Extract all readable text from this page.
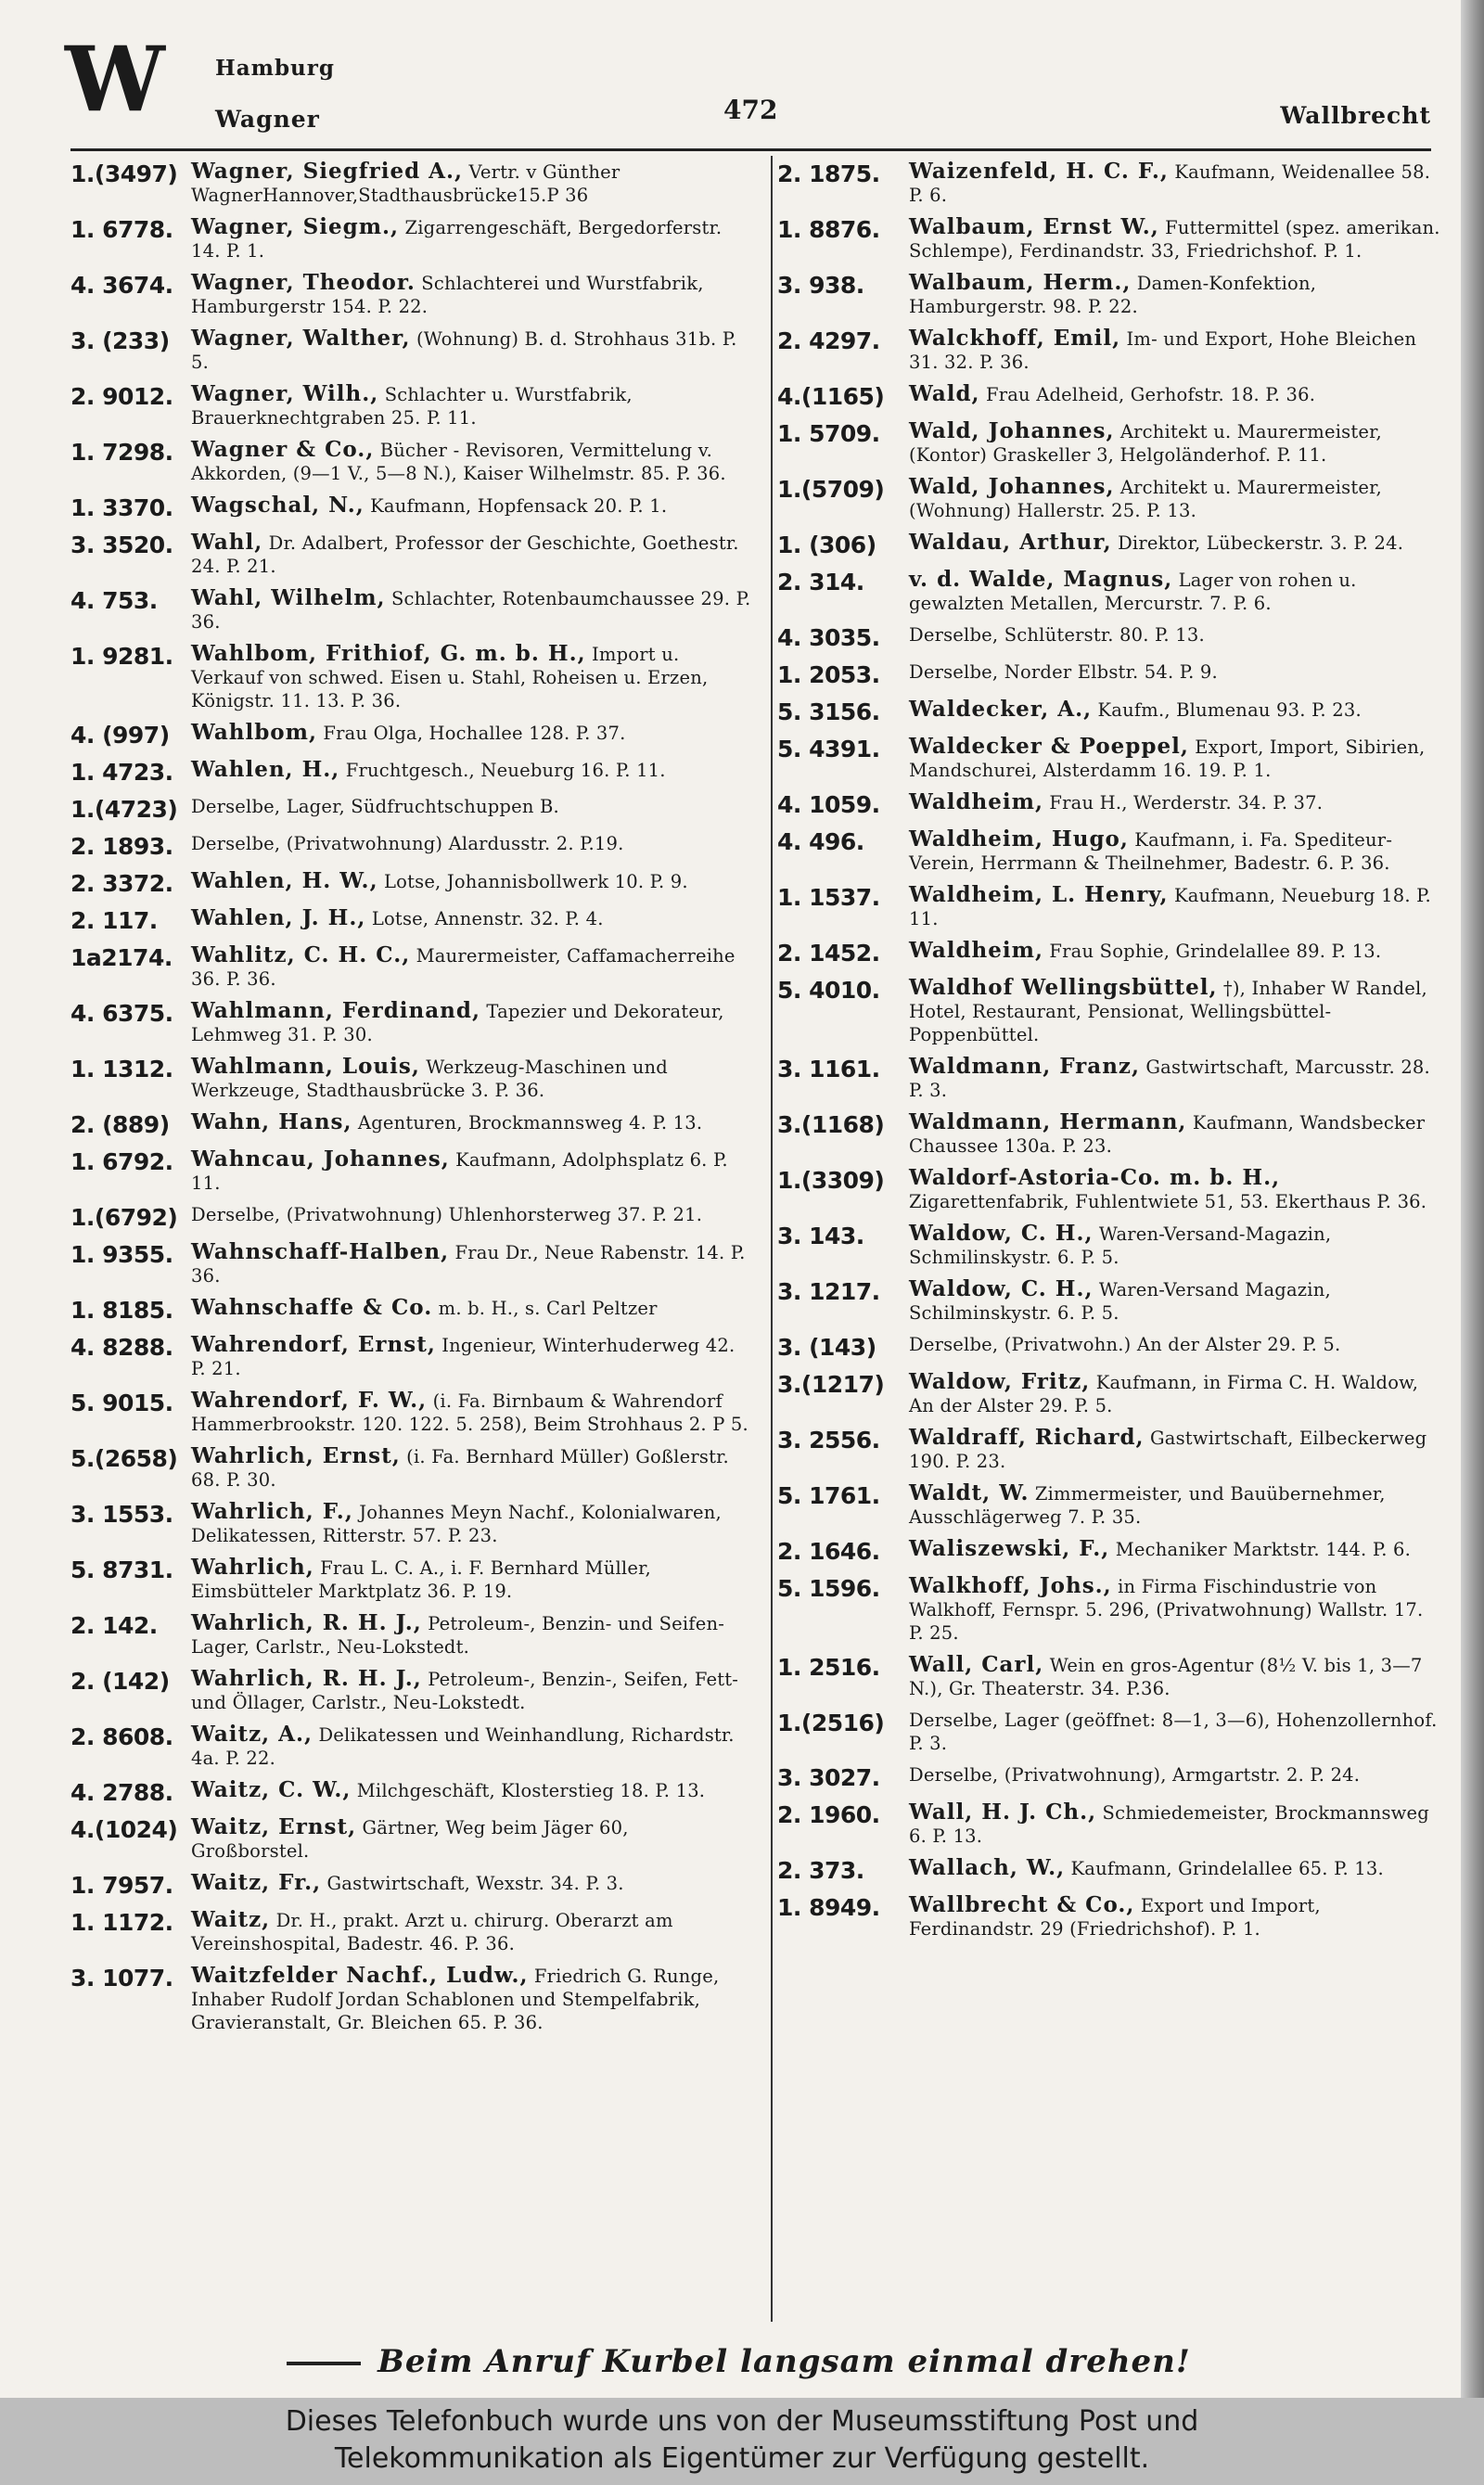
W Hamburg
Wagner	472	Wallbrecht
1.(3497) Wagner, Siegfried A., Vertr. v Günther WagnerHannover,Stadthausbrücke15.P 36
1. 6778. Wagner, Siegm., Zigarrengeschäft, Bergedorferstr. 14. P. 1.
4. 3674. Wagner, Theodor. Schlachterei und Wurstfabrik, Hamburgerstr 154. P. 22.
3. (233)	Wagner, Walther, (Wohnung) B. d. Strohhaus 31b. P. 5.
2. 9012. Wagner, Wilh., Schlachter u. Wurstfabrik, Brauerknechtgraben 25. P. 11.
1. 7298. Wagner & Co., Bücher - Revisoren, Vermittelung v. Akkorden, (9—1 V., 5—8 N.), Kaiser Wilhelmstr. 85. P. 36.
1. 3370. Wagschal, N., Kaufmann, Hopfensack 20. P. 1.
3. 3520. Wahl, Dr. Adalbert, Professor der Geschichte, Goethestr. 24. P. 21.
4. 753.	Wahl, Wilhelm, Schlachter, Rotenbaumchaussee 29. P. 36.
1. 9281. Wahlbom, Frithiof, G. m. b. H., Import u. Verkauf von schwed. Eisen u. Stahl, Roheisen u. Erzen, Königstr. 11. 13. P. 36.
4. (997)	Wahlbom, Frau Olga, Hochallee 128. P. 37.
1. 4723. Wahlen, H., Fruchtgesch., Neueburg 16. P. 11.
1.(4723) Derselbe, Lager, Südfruchtschuppen B.
2. 1893. Derselbe, (Privatwohnung) Alardusstr. 2. P.19.
2. 3372. Wahlen, H. W., Lotse, Johannisbollwerk 10. P. 9.
2. 117.	Wahlen, J. H., Lotse, Annenstr. 32. P. 4.
1a2174. Wahlitz, C. H. C., Maurermeister, Caffamacherreihe 36. P. 36.
4. 6375. Wahlmann, Ferdinand, Tapezier und Dekorateur, Lehmweg 31. P. 30.
1. 1312. Wahlmann, Louis, Werkzeug-Maschinen und Werkzeuge, Stadthausbrücke 3. P. 36.
2. (889)	Wahn, Hans, Agenturen, Brockmannsweg 4. P. 13.
1. 6792. Wahncau, Johannes, Kaufmann, Adolphsplatz 6. P. 11.
1.(6792) Derselbe, (Privatwohnung) Uhlenhorsterweg 37. P. 21.
1. 9355. Wahnschaff-Halben, Frau Dr., Neue Rabenstr. 14. P. 36.
1. 8185. Wahnschaffe & Co. m. b. H., s. Carl Peltzer
4. 8288. Wahrendorf, Ernst, Ingenieur, Winterhuderweg 42. P. 21.
5. 9015. Wahrendorf, F. W., (i. Fa. Birnbaum & Wahrendorf Hammerbrookstr. 120. 122. 5. 258), Beim Strohhaus 2. P 5.
5.(2658) Wahrlich, Ernst, (i. Fa. Bernhard Müller) Goßlerstr. 68. P. 30.
3. 1553. Wahrlich, F., Johannes Meyn Nachf., Kolonialwaren, Delikatessen, Ritterstr. 57. P. 23.
5. 8731. Wahrlich, Frau L. C. A., i. F. Bernhard Müller, Eimsbütteler Marktplatz 36. P. 19.
2. 142.	Wahrlich, R. H. J., Petroleum-, Benzin- und Seifen-Lager, Carlstr., Neu-Lokstedt.
2. (142)	Wahrlich, R. H. J., Petroleum-, Benzin-, Seifen, Fett- und Öllager, Carlstr., Neu-Lokstedt.
2. 8608. Waitz, A., Delikatessen und Weinhandlung, Richardstr. 4a. P. 22.
4. 2788. Waitz, C. W., Milchgeschäft, Klosterstieg 18. P. 13.
4.(1024) Waitz, Ernst, Gärtner, Weg beim Jäger 60, Großborstel.
1. 7957. Waitz, Fr., Gastwirtschaft, Wexstr. 34. P. 3.
1. 1172. Waitz, Dr. H., prakt. Arzt u. chirurg. Oberarzt am Vereinshospital, Badestr. 46. P. 36.
3. 1077. Waitzfelder Nachf., Ludw., Friedrich G. Runge, Inhaber Rudolf Jordan Schablonen und Stempelfabrik, Gravieranstalt, Gr. Bleichen 65. P. 36.
2. 1875.	Waizenfeld, H. C. F., Kaufmann, Weidenallee 58. P. 6.
1. 8876.	Walbaum, Ernst W., Futtermittel (spez. amerikan. Schlempe), Ferdinandstr. 33, Friedrichshof. P. 1.
3. 938.	Walbaum, Herm., Damen-Konfektion, Hamburgerstr. 98. P. 22.
2. 4297.	Walckhoff, Emil, Im- und Export, Hohe Bleichen 31. 32. P. 36.
4.(1165)	Wald, Frau Adelheid, Gerhofstr. 18. P. 36.
1. 5709.	Wald, Johannes, Architekt u. Maurermeister, (Kontor) Graskeller 3, Helgoländerhof. P. 11.
1.(5709)	Wald, Johannes, Architekt u. Maurermeister, (Wohnung) Hallerstr. 25. P. 13.
1. (306)	Waldau, Arthur, Direktor, Lübeckerstr. 3. P. 24.
2. 314.	v. d. Walde, Magnus, Lager von rohen u. gewalzten Metallen, Mercurstr. 7. P. 6.
4. 3035.	Derselbe, Schlüterstr. 80. P. 13.
1. 2053.	Derselbe, Norder Elbstr. 54. P. 9.
5. 3156.	Waldecker, A., Kaufm., Blumenau 93. P. 23.
5. 4391.	Waldecker & Poeppel, Export, Import, Sibirien, Mandschurei, Alsterdamm 16. 19. P. 1.
4. 1059.	Waldheim, Frau H., Werderstr. 34. P. 37.
4. 496.	Waldheim, Hugo, Kaufmann, i. Fa. Spediteur-Verein, Herrmann & Theilnehmer, Badestr. 6. P. 36.
1. 1537.	Waldheim, L. Henry, Kaufmann, Neueburg 18. P. 11.
2. 1452.	Waldheim, Frau Sophie, Grindelallee 89. P. 13.
5. 4010.	Waldhof Wellingsbüttel, †), Inhaber W Randel, Hotel, Restaurant, Pensionat, Wellingsbüttel-Poppenbüttel.
3. 1161.	Waldmann, Franz, Gastwirtschaft, Marcusstr. 28. P. 3.
3.(1168)	Waldmann, Hermann, Kaufmann, Wandsbecker Chaussee 130a. P. 23.
1.(3309)	Waldorf-Astoria-Co. m. b. H., Zigarettenfabrik, Fuhlentwiete 51, 53. Ekerthaus P. 36.
3. 143.	Waldow, C. H., Waren-Versand-Magazin, Schmilinskystr. 6. P. 5.
3. 1217.	Waldow, C. H., Waren-Versand Magazin, Schilminskystr. 6. P. 5.
3. (143)	Derselbe, (Privatwohn.) An der Alster 29. P. 5.
3.(1217)	Waldow, Fritz, Kaufmann, in Firma C. H. Waldow, An der Alster 29. P. 5.
3. 2556.	Waldraff, Richard, Gastwirtschaft, Eilbeckerweg 190. P. 23.
5. 1761.	Waldt, W. Zimmermeister, und Bauübernehmer, Ausschlägerweg 7. P. 35.
2. 1646.	Waliszewski, F., Mechaniker Marktstr. 144. P. 6.
5. 1596.	Walkhoff, Johs., in Firma Fischindustrie von Walkhoff, Fernspr. 5. 296, (Privatwohnung) Wallstr. 17. P. 25.
1. 2516.	Wall, Carl, Wein en gros-Agentur (8½ V. bis 1, 3—7 N.), Gr. Theaterstr. 34. P.36.
1.(2516)	Derselbe, Lager (geöffnet: 8—1, 3—6), Hohenzollernhof. P. 3.
3. 3027.	Derselbe, (Privatwohnung), Armgartstr. 2. P. 24.
2. 1960.	Wall, H. J. Ch., Schmiedemeister, Brockmannsweg 6. P. 13.
2. 373.	Wallach, W., Kaufmann, Grindelallee 65. P. 13.
1. 8949.	Wallbrecht & Co., Export und Import, Ferdinandstr. 29 (Friedrichshof). P. 1.
Beim Anruf Kurbel langsam einmal drehen!
Dieses Telefonbuch wurde uns von der Museumsstiftung Post und
Telekommunikation als Eigentümer zur Verfügung gestellt.
